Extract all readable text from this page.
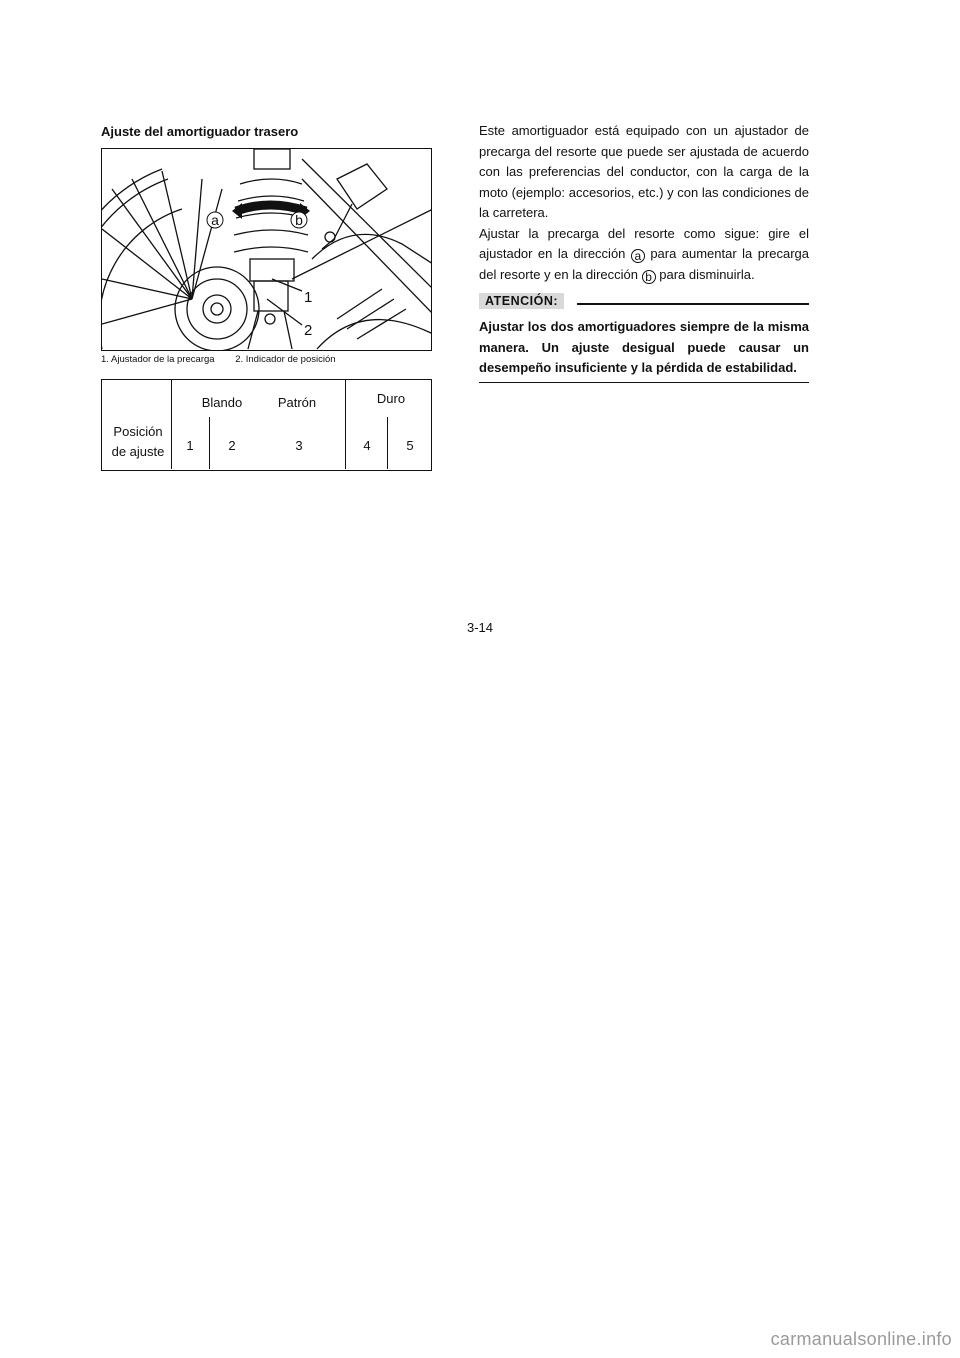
Ajuste del amortiguador trasero
a	b
1
2
1. Ajustador de la precarga 2. Indicador de posición
Blando	Patrón	Duro
Posición
de ajuste	1	2	3	4	5

Este amortiguador está equipado con un ajustador de precarga del resorte que puede ser ajustada de acuerdo con las preferencias del conductor, con la carga de la moto (ejemplo: accesorios, etc.) y con las condiciones de la carretera.

Ajustar la precarga del resorte como sigue: gire el ajustador en la dirección a para aumentar la precarga del resorte y en la dirección b para disminuirla.

ATENCIÓN:

Ajustar los dos amortiguadores siempre de la misma manera. Un ajuste desigual puede causar un desempeño insuficiente y la pérdida de estabilidad.

3-14
carmanualsonline.info
